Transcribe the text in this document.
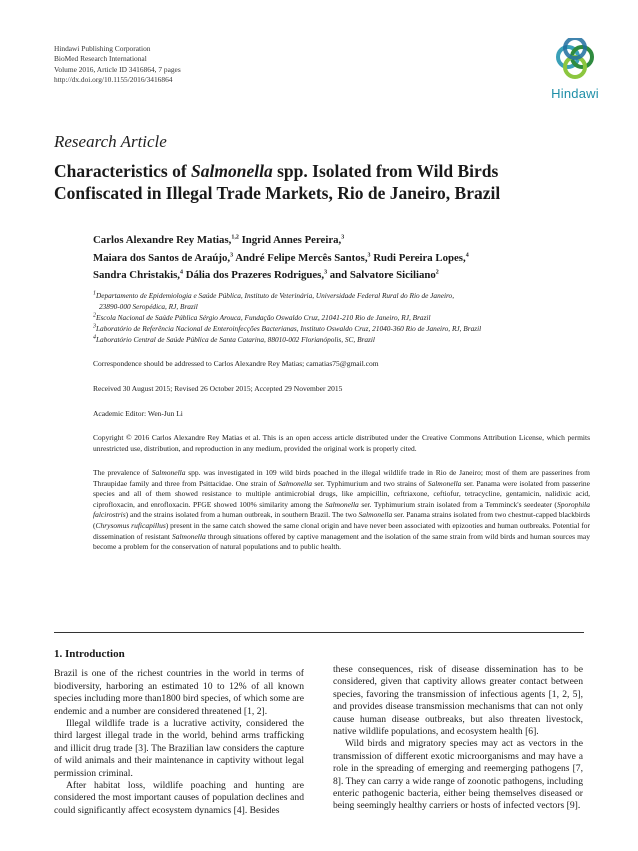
Hindawi Publishing Corporation
BioMed Research International
Volume 2016, Article ID 3416864, 7 pages
http://dx.doi.org/10.1155/2016/3416864
Hindawi
Research Article
Characteristics of Salmonella spp. Isolated from Wild Birds
Confiscated in Illegal Trade Markets, Rio de Janeiro, Brazil
Carlos Alexandre Rey Matias,$^{1,2}$ Ingrid Annes Pereira,$^3$
Maiara dos Santos de Araújo,$^3$ André Felipe Mercês Santos,$^3$ Rudi Pereira Lopes,$^4$
Sandra Christakis,$^4$ Dália dos Prazeres Rodrigues,$^3$ and Salvatore Siciliano$^2$
$^1$Departamento de Epidemiologia e Saúde Pública, Instituto de Veterinária, Universidade Federal Rural do Rio de Janeiro,
23890-000 Seropédica, RJ, Brazil
$^2$Escola Nacional de Saúde Pública Sérgio Arouca, Fundação Oswaldo Cruz, 21041-210 Rio de Janeiro, RJ, Brazil
$^3$Laboratório de Referência Nacional de Enteroinfecções Bacterianas, Instituto Oswaldo Cruz, 21040-360 Rio de Janeiro, RJ, Brazil
$^4$Laboratório Central de Saúde Pública de Santa Catarina, 88010-002 Florianópolis, SC, Brazil
Correspondence should be addressed to Carlos Alexandre Rey Matias; camatias75@gmail.com
Received 30 August 2015; Revised 26 October 2015; Accepted 29 November 2015
Academic Editor: Wen-Jun Li
Copyright © 2016 Carlos Alexandre Rey Matias et al. This is an open access article distributed under the Creative Commons Attribution License, which permits unrestricted use, distribution, and reproduction in any medium, provided the original work is properly cited.

The prevalence of Salmonella spp. was investigated in 109 wild birds poached in the illegal wildlife trade in Rio de Janeiro; most of them are passerines from Thraupidae family and three from Psittacidae. One strain of Salmonella ser. Typhimurium and two strains of Salmonella ser. Panama were isolated from passerine species and all of them showed resistance to multiple antimicrobial drugs, like ampicillin, ceftriaxone, ceftiofur, tetracycline, gentamicin, nalidixic acid, ciprofloxacin, and enrofloxacin. PFGE showed 100% similarity among the Salmonella ser. Typhimurium strain isolated from a Temminck's seedeater (Sporophila falcirostris) and the strains isolated from a human outbreak, in southern Brazil. The two Salmonella ser. Panama strains isolated from two chestnut-capped blackbirds (Chrysomus ruficapillus) present in the same catch showed the same clonal origin and have never been associated with epizooties and human outbreaks. Potential for dissemination of resistant Salmonella through situations offered by captive management and the isolation of the same strain from wild birds and human sources may become a problem for the conservation of natural populations and to public health.

1. Introduction

Brazil is one of the richest countries in the world in terms of biodiversity, harboring an estimated 10 to 12% of all known species including more than1800 bird species, of which some are endemic and a number are considered threatened [1, 2].

Illegal wildlife trade is a lucrative activity, considered the third largest illegal trade in the world, behind arms trafficking and illicit drug trade [3]. The Brazilian law considers the capture of wild animals and their maintenance in captivity without legal permission criminal.

After habitat loss, wildlife poaching and hunting are considered the most important causes of population declines and could significantly affect ecosystem dynamics [4]. Besides

these consequences, risk of disease dissemination has to be considered, given that captivity allows greater contact between species, favoring the transmission of infectious agents [1, 2, 5], and provides disease transmission mechanisms that can not only cause human disease outbreaks, but also threaten livestock, native wildlife populations, and ecosystem health [6].

Wild birds and migratory species may act as vectors in the transmission of different exotic microorganisms and may have a role in the spreading of emerging and reemerging pathogens [7, 8]. They can carry a wide range of zoonotic pathogens, including enteric pathogenic bacteria, either being themselves diseased or being seemingly healthy carriers or hosts of infected vectors [9].
